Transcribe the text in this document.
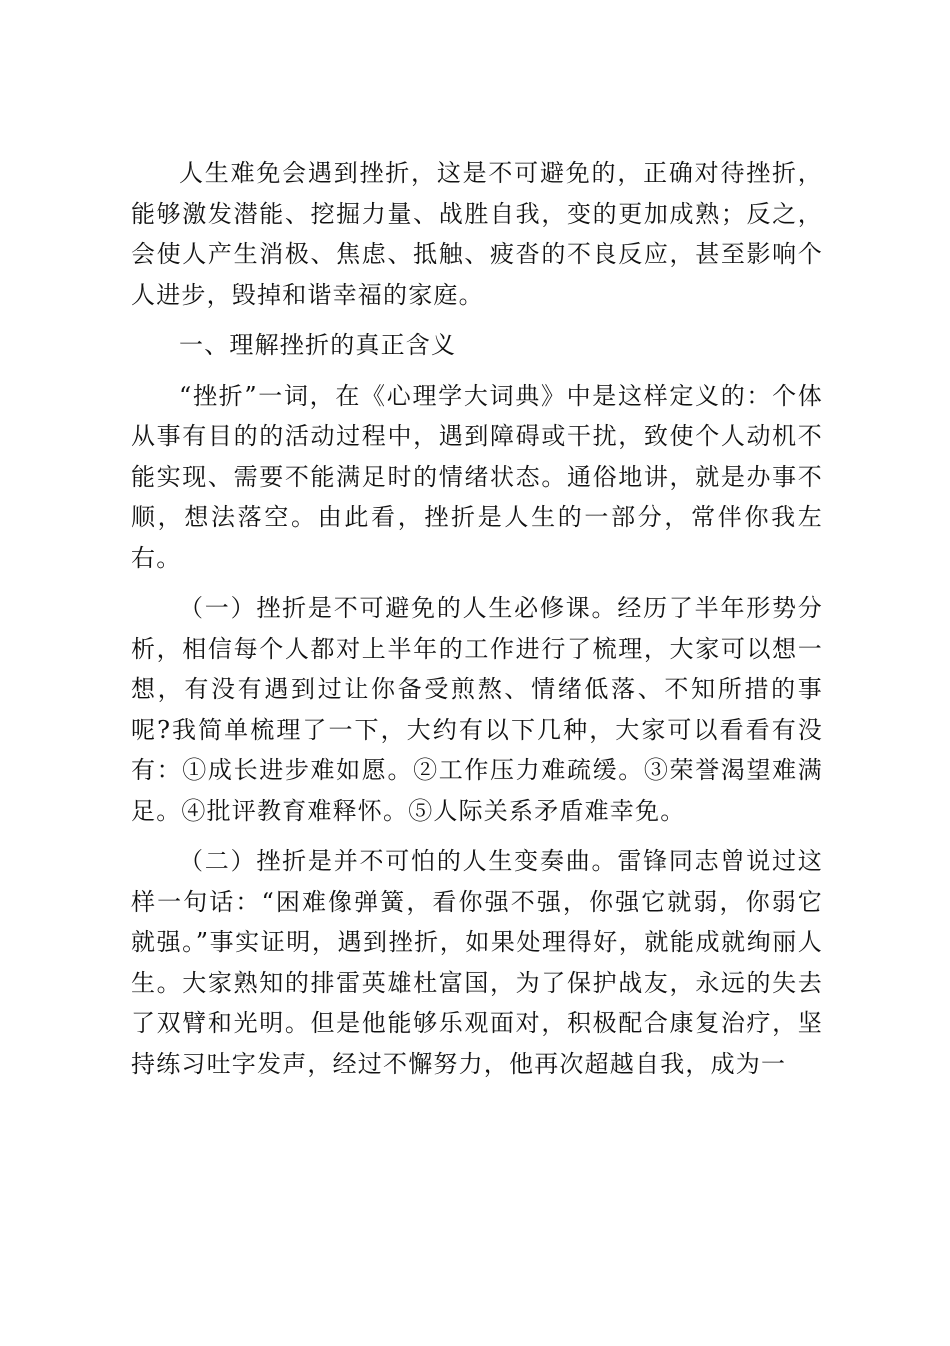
人生难免会遇到挫折，这是不可避免的，正确对待挫折，能够激发潜能、挖掘力量、战胜自我，变的更加成熟；反之，会使人产生消极、焦虑、抵触、疲沓的不良反应，甚至影响个人进步，毁掉和谐幸福的家庭。

一、理解挫折的真正含义

“挫折”一词，在《心理学大词典》中是这样定义的：个体从事有目的的活动过程中，遇到障碍或干扰，致使个人动机不能实现、需要不能满足时的情绪状态。通俗地讲，就是办事不顺，想法落空。由此看，挫折是人生的一部分，常伴你我左右。

（一）挫折是不可避免的人生必修课。经历了半年形势分析，相信每个人都对上半年的工作进行了梳理，大家可以想一想，有没有遇到过让你备受煎熬、情绪低落、不知所措的事呢?我简单梳理了一下，大约有以下几种，大家可以看看有没有：①成长进步难如愿。②工作压力难疏缓。③荣誉渴望难满足。④批评教育难释怀。⑤人际关系矛盾难幸免。

（二）挫折是并不可怕的人生变奏曲。雷锋同志曾说过这样一句话：“困难像弹簧，看你强不强，你强它就弱，你弱它就强。”事实证明，遇到挫折，如果处理得好，就能成就绚丽人生。大家熟知的排雷英雄杜富国，为了保护战友，永远的失去了双臂和光明。但是他能够乐观面对，积极配合康复治疗，坚持练习吐字发声，经过不懈努力，他再次超越自我，成为一
